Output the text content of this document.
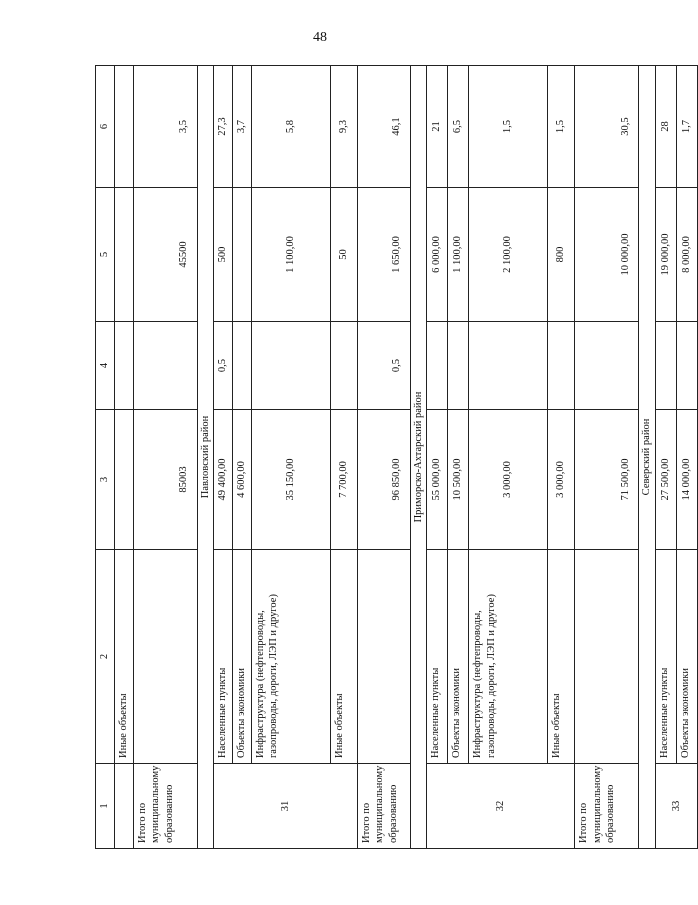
48
1	2	3	4	5	6
	Иные объекты				
Итого по муниципальному образованию		85003		45500	3,5
Павловский район					
31	Населенные пункты	49 400,00	0,5	500	27,3
	Объекты экономики	4 600,00			3,7
	Инфраструктура (нефтепроводы, газопроводы, дороги, ЛЭП и другое)	35 150,00		1 100,00	5,8
	Иные объекты	7 700,00		50	9,3
Итого по муниципальному образованию		96 850,00	0,5	1 650,00	46,1
Приморско-Ахтарский район					
32	Населенные пункты	55 000,00		6 000,00	21
	Объекты экономики	10 500,00		1 100,00	6,5
	Инфраструктура (нефтепроводы, газопроводы, дороги, ЛЭП и другое)	3 000,00		2 100,00	1,5
	Иные объекты	3 000,00		800	1,5
Итого по муниципальному образованию		71 500,00		10 000,00	30,5
Северский район					
33	Населенные пункты	27 500,00		19 000,00	28
	Объекты экономики	14 000,00		8 000,00	1,7
